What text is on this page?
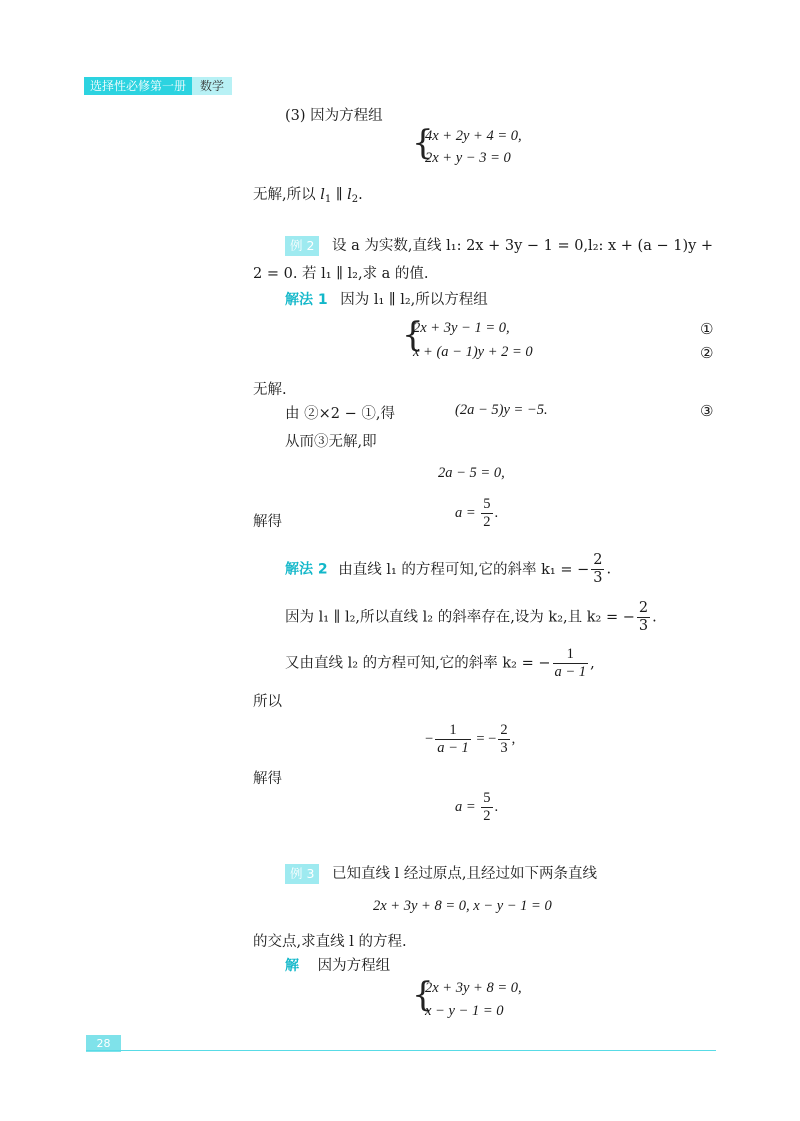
选择性必修第一册 数学
(3) 因为方程组
{
4x + 2y + 4 = 0,
2x + y − 3 = 0
无解,所以 $l_1$ ∥ $l_2$.
例 2 设 a 为实数,直线 l₁: 2x + 3y − 1 = 0,l₂: x + (a − 1)y +
2 = 0. 若 l₁ ∥ l₂,求 a 的值.
解法 1 因为 l₁ ∥ l₂,所以方程组
{
2x + 3y − 1 = 0,
x + (a − 1)y + 2 = 0
①
②
无解.
由 ②×2 − ①,得	(2a − 5)y = −5.	③
从而③无解,即
2a − 5 = 0,
解得
$a = \frac{5}{2}$ .
解法 2 由直线 l₁ 的方程可知,它的斜率 k₁ = − $\frac{2}{3}$ .
因为 l₁ ∥ l₂,所以直线 l₂ 的斜率存在,设为 k₂,且 k₂ = − $\frac{2}{3}$ .
又由直线 l₂ 的方程可知,它的斜率 k₂ = − $\frac{1}{a - 1}$ ,
所以
− $\frac{1}{a - 1}$ = − $\frac{2}{3}$ ,
解得
$a = \frac{5}{2}$ .
例 3 已知直线 l 经过原点,且经过如下两条直线
2x + 3y + 8 = 0, x − y − 1 = 0
的交点,求直线 l 的方程.
解 因为方程组
{
2x + 3y + 8 = 0,
x − y − 1 = 0
28
